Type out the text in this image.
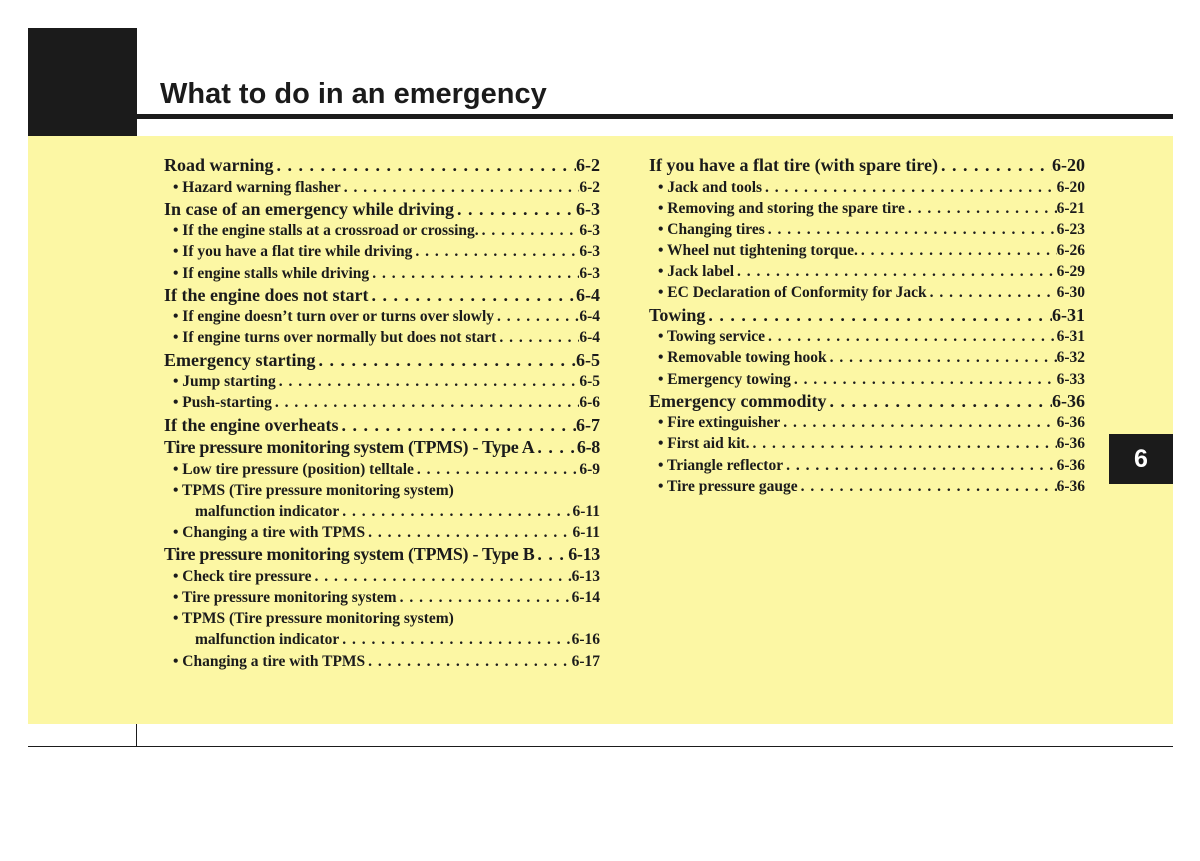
What to do in an emergency
6
Road warning . . .	6-2
• Hazard warning flasher . . .	6-2
In case of an emergency while driving . . .	6-3
• If the engine stalls at a crossroad or crossing. . . .	6-3
• If you have a flat tire while driving . . .	6-3
• If engine stalls while driving . . .	6-3
If the engine does not start . . .	6-4
• If engine doesn’t turn over or turns over slowly . . .	6-4
• If engine turns over normally but does not start . . .	6-4
Emergency starting . . .	6-5
• Jump starting . . .	6-5
• Push-starting . . .	6-6
If the engine overheats . . .	6-7
Tire pressure monitoring system (TPMS) - Type A . . . 6-8
• Low tire pressure (position) telltale . . .	6-9
• TPMS (Tire pressure monitoring system)
malfunction indicator . . .	6-11
• Changing a tire with TPMS . . .	6-11
Tire pressure monitoring system (TPMS) - Type B . . . 6-13
• Check tire pressure . . .	6-13
• Tire pressure monitoring system . . .	6-14
• TPMS (Tire pressure monitoring system)
malfunction indicator . . .	6-16
• Changing a tire with TPMS . . .	6-17
If you have a flat tire (with spare tire) . . .	6-20
• Jack and tools . . .	6-20
• Removing and storing the spare tire . . .	6-21
• Changing tires . . .	6-23
• Wheel nut tightening torque. . . .	6-26
• Jack label . . .	6-29
• EC Declaration of Conformity for Jack . . .	6-30
Towing . . .	6-31
• Towing service . . .	6-31
• Removable towing hook . . .	6-32
• Emergency towing . . .	6-33
Emergency commodity . . .	6-36
• Fire extinguisher . . .	6-36
• First aid kit. . . .	6-36
• Triangle reflector . . .	6-36
• Tire pressure gauge . . .	6-36
